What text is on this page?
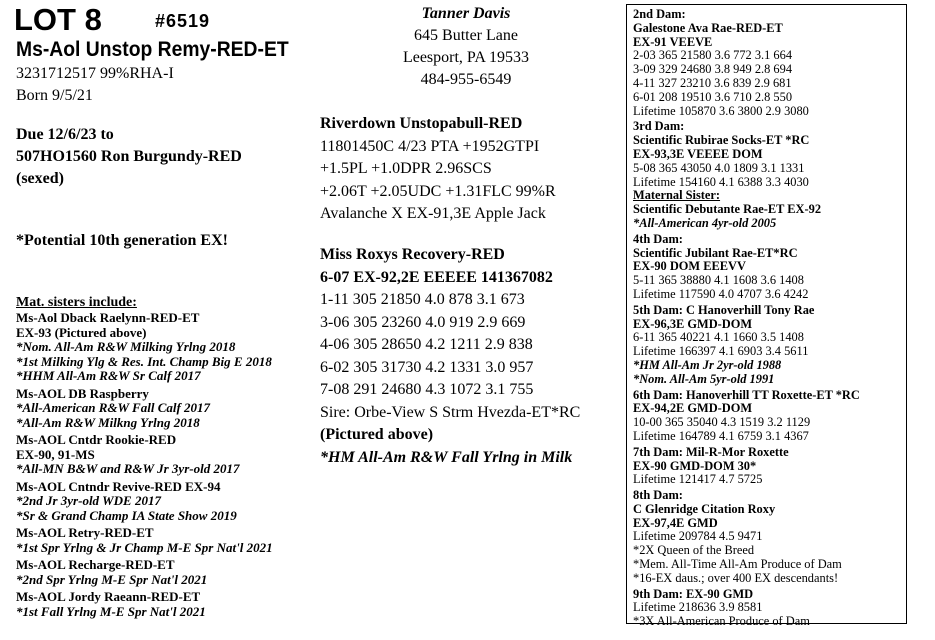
LOT 8	#6519
Ms-Aol Unstop Remy-RED-ET
3231712517 99%RHA-I
Born 9/5/21
Due 12/6/23 to
507HO1560 Ron Burgundy-RED
(sexed)
*Potential 10th generation EX!
Mat. sisters include:
Ms-Aol Dback Raelynn-RED-ET
EX-93 (Pictured above)
*Nom. All-Am R&W Milking Yrlng 2018
*1st Milking Ylg & Res. Int. Champ Big E 2018
*HHM All-Am R&W Sr Calf 2017
Ms-AOL DB Raspberry
*All-American R&W Fall Calf 2017
*All-Am R&W Milkng Yrlng 2018
Ms-AOL Cntdr Rookie-RED
EX-90, 91-MS
*All-MN B&W and R&W Jr 3yr-old 2017
Ms-AOL Cntndr Revive-RED EX-94
*2nd Jr 3yr-old WDE 2017
*Sr & Grand Champ IA State Show 2019
Ms-AOL Retry-RED-ET
*1st Spr Yrlng & Jr Champ M-E Spr Nat'l 2021
Ms-AOL Recharge-RED-ET
*2nd Spr Yrlng M-E Spr Nat'l 2021
Ms-AOL Jordy Raeann-RED-ET
*1st Fall Yrlng M-E Spr Nat'l 2021
Tanner Davis
645 Butter Lane
Leesport, PA 19533
484-955-6549
Riverdown Unstopabull-RED
11801450C 4/23 PTA +1952GTPI
+1.5PL +1.0DPR 2.96SCS
+2.06T +2.05UDC +1.31FLC 99%R
Avalanche X EX-91,3E Apple Jack
Miss Roxys Recovery-RED
6-07 EX-92,2E EEEEE 141367082
1-11 305 21850 4.0 878 3.1 673
3-06 305 23260 4.0 919 2.9 669
4-06 305 28650 4.2 1211 2.9 838
6-02 305 31730 4.2 1331 3.0 957
7-08 291 24680 4.3 1072 3.1 755
Sire: Orbe-View S Strm Hvezda-ET*RC
(Pictured above)
*HM All-Am R&W Fall Yrlng in Milk
2nd Dam:
Galestone Ava Rae-RED-ET
EX-91 VEEVE
2-03 365 21580 3.6 772 3.1 664
3-09 329 24680 3.8 949 2.8 694
4-11 327 23210 3.6 839 2.9 681
6-01 208 19510 3.6 710 2.8 550
Lifetime 105870 3.6 3800 2.9 3080
3rd Dam:
Scientific Rubirae Socks-ET *RC
EX-93,3E VEEEE DOM
5-08 365 43050 4.0 1809 3.1 1331
Lifetime 154160 4.1 6388 3.3 4030
Maternal Sister:
Scientific Debutante Rae-ET EX-92
*All-American 4yr-old 2005
4th Dam:
Scientific Jubilant Rae-ET*RC
EX-90 DOM EEEVV
5-11 365 38880 4.1 1608 3.6 1408
Lifetime 117590 4.0 4707 3.6 4242
5th Dam: C Hanoverhill Tony Rae
EX-96,3E GMD-DOM
6-11 365 40221 4.1 1660 3.5 1408
Lifetime 166397 4.1 6903 3.4 5611
*HM All-Am Jr 2yr-old 1988
*Nom. All-Am 5yr-old 1991
6th Dam: Hanoverhill TT Roxette-ET *RC
EX-94,2E GMD-DOM
10-00 365 35040 4.3 1519 3.2 1129
Lifetime 164789 4.1 6759 3.1 4367
7th Dam: Mil-R-Mor Roxette
EX-90 GMD-DOM 30*
Lifetime 121417 4.7 5725
8th Dam:
C Glenridge Citation Roxy
EX-97,4E GMD
Lifetime 209784 4.5 9471
*2X Queen of the Breed
*Mem. All-Time All-Am Produce of Dam
*16-EX daus.; over 400 EX descendants!
9th Dam: EX-90 GMD
Lifetime 218636 3.9 8581
*3X All-American Produce of Dam
